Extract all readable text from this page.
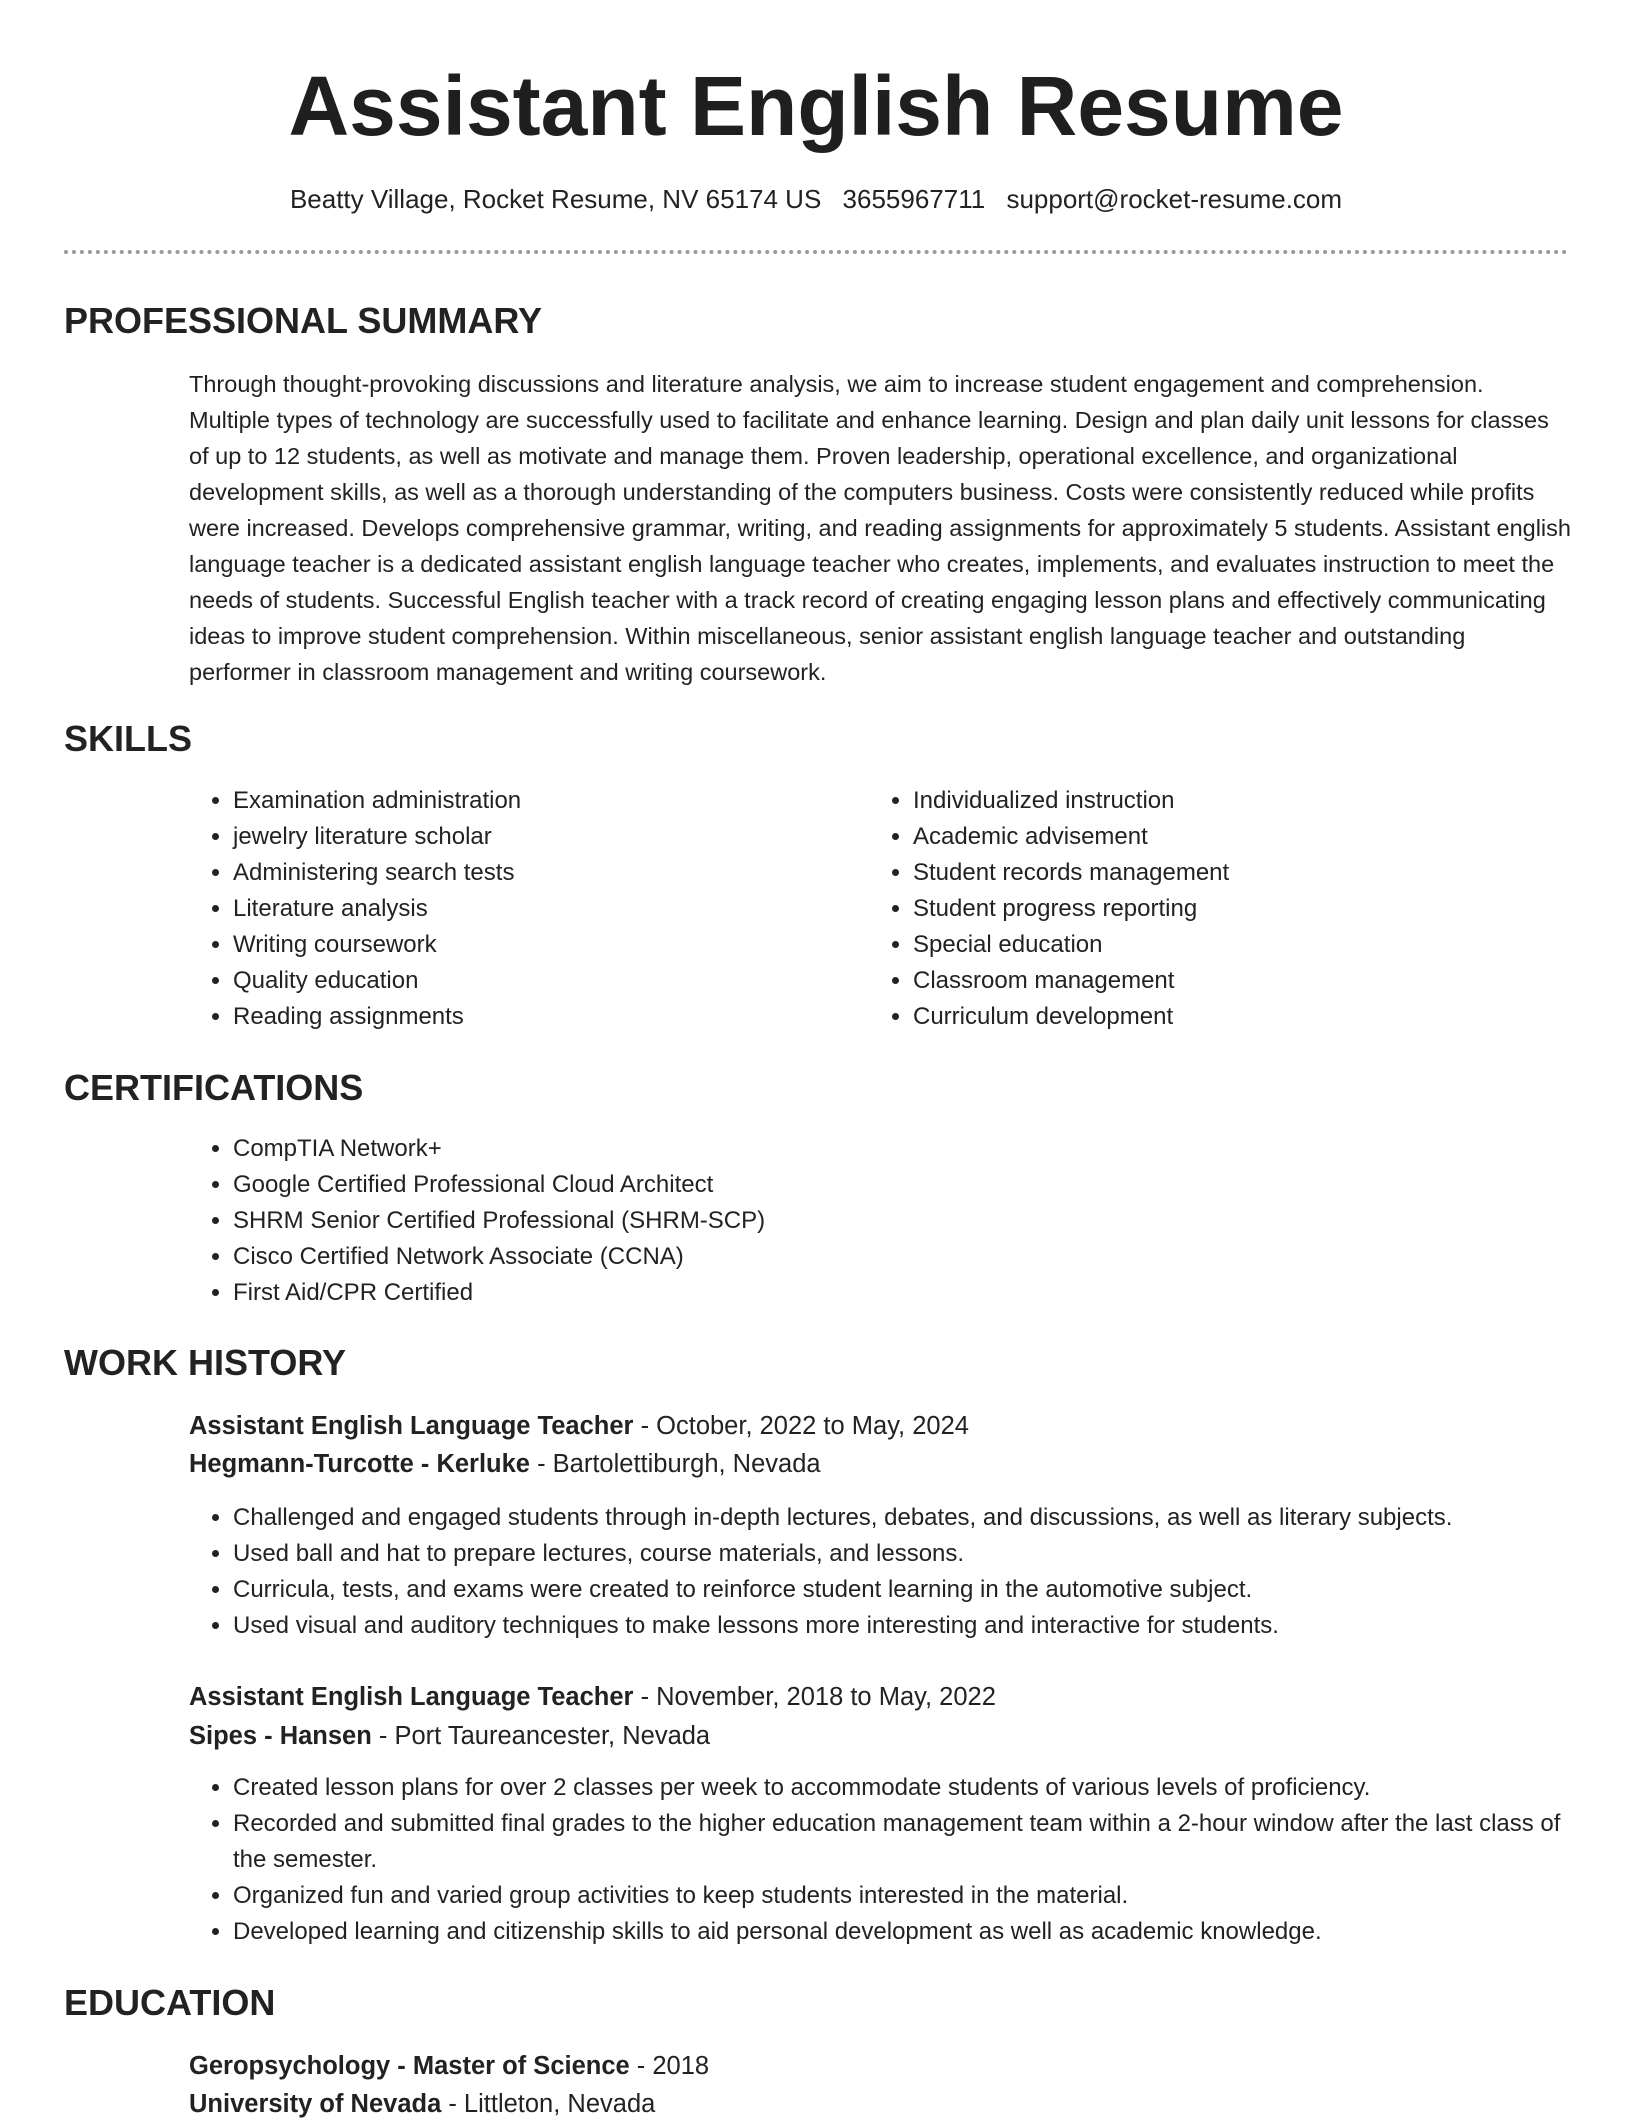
Assistant English Resume
Beatty Village, Rocket Resume, NV 65174 US 3655967711 support@rocket-resume.com
PROFESSIONAL SUMMARY

Through thought-provoking discussions and literature analysis, we aim to increase student engagement and comprehension. Multiple types of technology are successfully used to facilitate and enhance learning. Design and plan daily unit lessons for classes of up to 12 students, as well as motivate and manage them. Proven leadership, operational excellence, and organizational development skills, as well as a thorough understanding of the computers business. Costs were consistently reduced while profits were increased. Develops comprehensive grammar, writing, and reading assignments for approximately 5 students. Assistant english language teacher is a dedicated assistant english language teacher who creates, implements, and evaluates instruction to meet the needs of students. Successful English teacher with a track record of creating engaging lesson plans and effectively communicating ideas to improve student comprehension. Within miscellaneous, senior assistant english language teacher and outstanding performer in classroom management and writing coursework.

SKILLS
• Examination administration
• jewelry literature scholar
• Administering search tests
• Literature analysis
• Writing coursework
• Quality education
• Reading assignments
• Individualized instruction
• Academic advisement
• Student records management
• Student progress reporting
• Special education
• Classroom management
• Curriculum development
CERTIFICATIONS
• CompTIA Network+
• Google Certified Professional Cloud Architect
• SHRM Senior Certified Professional (SHRM-SCP)
• Cisco Certified Network Associate (CCNA)
• First Aid/CPR Certified
WORK HISTORY
Assistant English Language Teacher - October, 2022 to May, 2024
Hegmann-Turcotte - Kerluke - Bartolettiburgh, Nevada
• Challenged and engaged students through in-depth lectures, debates, and discussions, as well as literary subjects.
• Used ball and hat to prepare lectures, course materials, and lessons.
• Curricula, tests, and exams were created to reinforce student learning in the automotive subject.
• Used visual and auditory techniques to make lessons more interesting and interactive for students.
Assistant English Language Teacher - November, 2018 to May, 2022
Sipes - Hansen - Port Taureancester, Nevada
• Created lesson plans for over 2 classes per week to accommodate students of various levels of proficiency.
• Recorded and submitted final grades to the higher education management team within a 2-hour window after the last class of the semester.
• Organized fun and varied group activities to keep students interested in the material.
• Developed learning and citizenship skills to aid personal development as well as academic knowledge.
EDUCATION
Geropsychology - Master of Science - 2018
University of Nevada - Littleton, Nevada
